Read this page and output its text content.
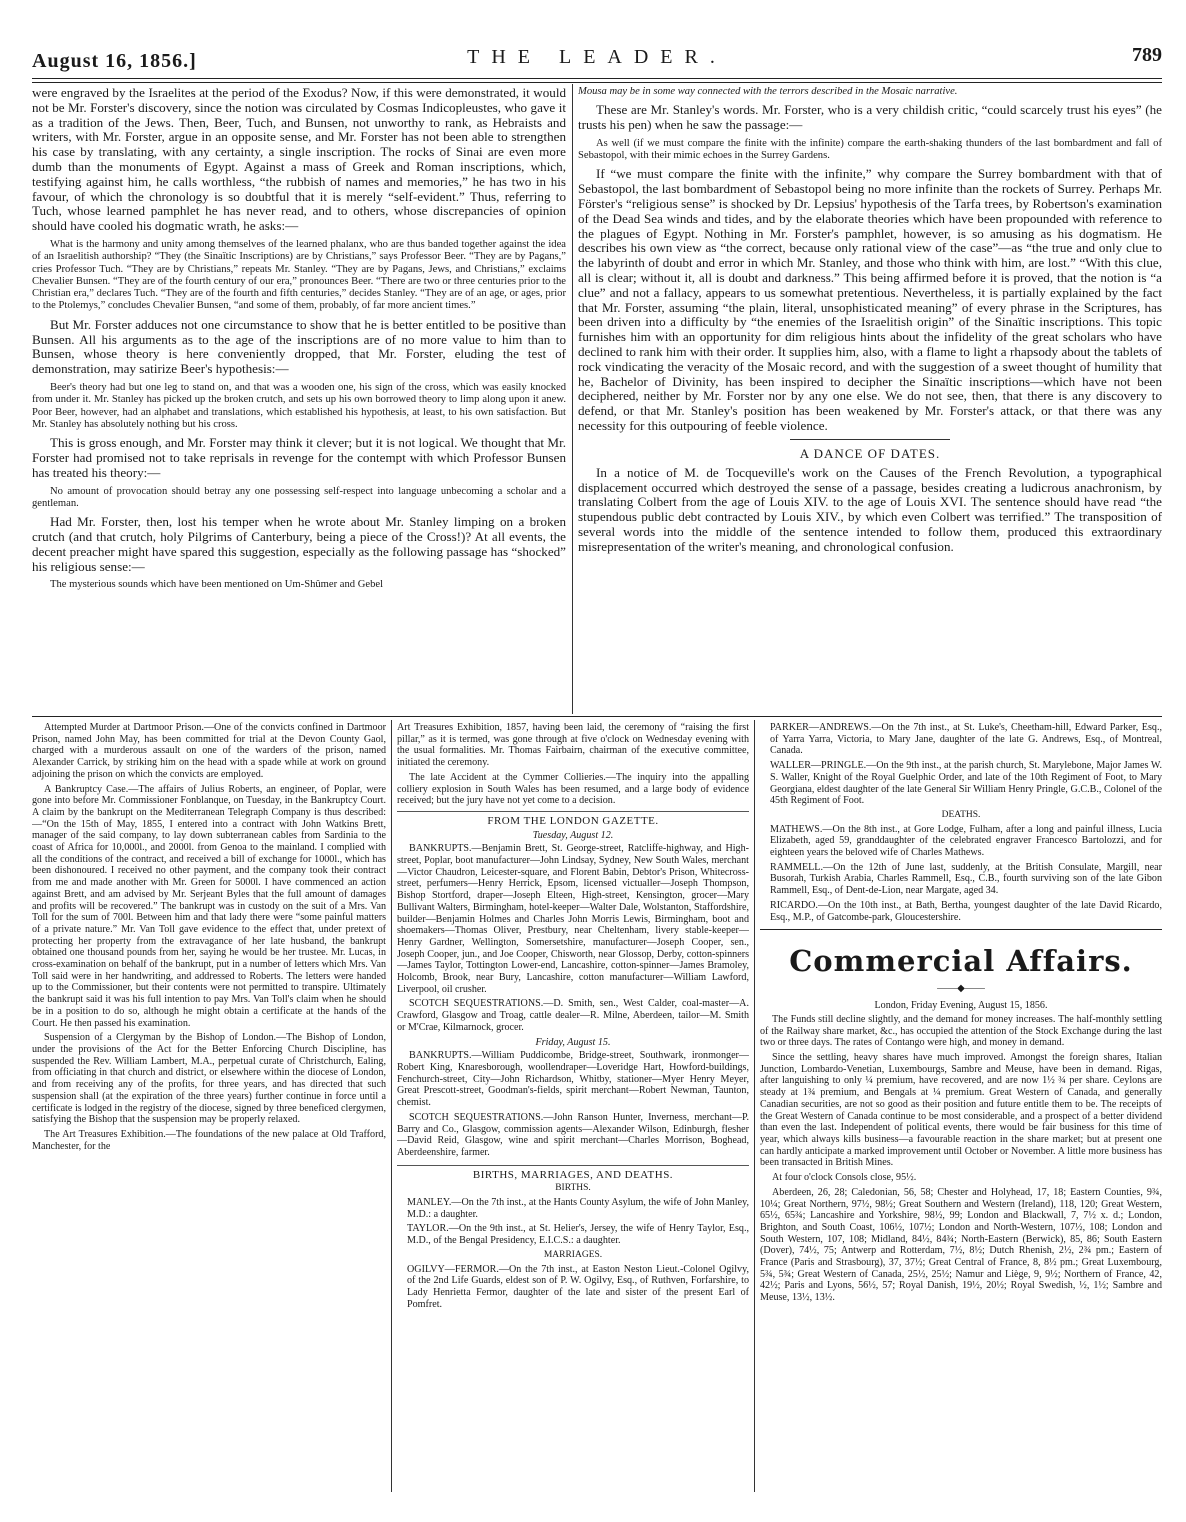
August 16, 1856.]	THE LEADER.	789

were engraved by the Israelites at the period of the Exodus? Now, if this were demonstrated, it would not be Mr. Forster's discovery, since the notion was circulated by Cosmas Indicopleustes, who gave it as a tradition of the Jews. Then, Beer, Tuch, and Bunsen, not unworthy to rank, as Hebraists and writers, with Mr. Forster, argue in an opposite sense, and Mr. Forster has not been able to strengthen his case by translating, with any certainty, a single inscription. The rocks of Sinai are even more dumb than the monuments of Egypt. Against a mass of Greek and Roman inscriptions, which, testifying against him, he calls worthless, “the rubbish of names and memories,” he has two in his favour, of which the chronology is so doubtful that it is merely “self-evident.” Thus, referring to Tuch, whose learned pamphlet he has never read, and to others, whose discrepancies of opinion should have cooled his dogmatic wrath, he asks:—

What is the harmony and unity among themselves of the learned phalanx, who are thus banded together against the idea of an Israelitish authorship? “They (the Sinaïtic Inscriptions) are by Christians,” says Professor Beer. “They are by Pagans,” cries Professor Tuch. “They are by Christians,” repeats Mr. Stanley. “They are by Pagans, Jews, and Christians,” exclaims Chevalier Bunsen. “They are of the fourth century of our era,” pronounces Beer. “There are two or three centuries prior to the Christian era,” declares Tuch. “They are of the fourth and fifth centuries,” decides Stanley. “They are of an age, or ages, prior to the Ptolemys,” concludes Chevalier Bunsen, “and some of them, probably, of far more ancient times.”

But Mr. Forster adduces not one circumstance to show that he is better entitled to be positive than Bunsen. All his arguments as to the age of the inscriptions are of no more value to him than to Bunsen, whose theory is here conveniently dropped, that Mr. Forster, eluding the test of demonstration, may satirize Beer's hypothesis:—

Beer's theory had but one leg to stand on, and that was a wooden one, his sign of the cross, which was easily knocked from under it. Mr. Stanley has picked up the broken crutch, and sets up his own borrowed theory to limp along upon it anew. Poor Beer, however, had an alphabet and translations, which established his hypothesis, at least, to his own satisfaction. But Mr. Stanley has absolutely nothing but his cross.

This is gross enough, and Mr. Forster may think it clever; but it is not logical. We thought that Mr. Forster had promised not to take reprisals in revenge for the contempt with which Professor Bunsen has treated his theory:—

No amount of provocation should betray any one possessing self-respect into language unbecoming a scholar and a gentleman.

Had Mr. Forster, then, lost his temper when he wrote about Mr. Stanley limping on a broken crutch (and that crutch, holy Pilgrims of Canterbury, being a piece of the Cross!)? At all events, the decent preacher might have spared this suggestion, especially as the following passage has “shocked” his religious sense:—

The mysterious sounds which have been mentioned on Um-Shûmer and Gebel

Mousa may be in some way connected with the terrors described in the Mosaic narrative.

These are Mr. Stanley's words. Mr. Forster, who is a very childish critic, “could scarcely trust his eyes” (he trusts his pen) when he saw the passage:—

As well (if we must compare the finite with the infinite) compare the earth-shaking thunders of the last bombardment and fall of Sebastopol, with their mimic echoes in the Surrey Gardens.

If “we must compare the finite with the infinite,” why compare the Surrey bombardment with that of Sebastopol, the last bombardment of Sebastopol being no more infinite than the rockets of Surrey. Perhaps Mr. Förster's “religious sense” is shocked by Dr. Lepsius' hypothesis of the Tarfa trees, by Robertson's examination of the Dead Sea winds and tides, and by the elaborate theories which have been propounded with reference to the plagues of Egypt. Nothing in Mr. Forster's pamphlet, however, is so amusing as his dogmatism. He describes his own view as “the correct, because only rational view of the case”—as “the true and only clue to the labyrinth of doubt and error in which Mr. Stanley, and those who think with him, are lost.” “With this clue, all is clear; without it, all is doubt and darkness.” This being affirmed before it is proved, that the notion is “a clue” and not a fallacy, appears to us somewhat pretentious. Nevertheless, it is partially explained by the fact that Mr. Forster, assuming “the plain, literal, unsophisticated meaning” of every phrase in the Scriptures, has been driven into a difficulty by “the enemies of the Israelitish origin” of the Sinaïtic inscriptions. This topic furnishes him with an opportunity for dim religious hints about the infidelity of the great scholars who have declined to rank him with their order. It supplies him, also, with a flame to light a rhapsody about the tablets of rock vindicating the veracity of the Mosaic record, and with the suggestion of a sweet thought of humility that he, Bachelor of Divinity, has been inspired to decipher the Sinaïtic inscriptions—which have not been deciphered, neither by Mr. Forster nor by any one else. We do not see, then, that there is any discovery to defend, or that Mr. Stanley's position has been weakened by Mr. Forster's attack, or that there was any necessity for this outpouring of feeble violence.

A DANCE OF DATES.

In a notice of M. de Tocqueville's work on the Causes of the French Revolution, a typographical displacement occurred which destroyed the sense of a passage, besides creating a ludicrous anachronism, by translating Colbert from the age of Louis XIV. to the age of Louis XVI. The sentence should have read “the stupendous public debt contracted by Louis XIV., by which even Colbert was terrified.” The transposition of several words into the middle of the sentence intended to follow them, produced this extraordinary misrepresentation of the writer's meaning, and chronological confusion.

Attempted Murder at Dartmoor Prison.—One of the convicts confined in Dartmoor Prison, named John May, has been committed for trial at the Devon County Gaol, charged with a murderous assault on one of the warders of the prison, named Alexander Carrick, by striking him on the head with a spade while at work on ground adjoining the prison on which the convicts are employed.

A Bankruptcy Case.—The affairs of Julius Roberts, an engineer, of Poplar, were gone into before Mr. Commissioner Fonblanque, on Tuesday, in the Bankruptcy Court. A claim by the bankrupt on the Mediterranean Telegraph Company is thus described:—“On the 15th of May, 1855, I entered into a contract with John Watkins Brett, manager of the said company, to lay down subterranean cables from Sardinia to the coast of Africa for 10,000l., and 2000l. from Genoa to the mainland. I complied with all the conditions of the contract, and received a bill of exchange for 1000l., which has been dishonoured. I received no other payment, and the company took their contract from me and made another with Mr. Green for 5000l. I have commenced an action against Brett, and am advised by Mr. Serjeant Byles that the full amount of damages and profits will be recovered.” The bankrupt was in custody on the suit of a Mrs. Van Toll for the sum of 700l. Between him and that lady there were “some painful matters of a private nature.” Mr. Van Toll gave evidence to the effect that, under pretext of protecting her property from the extravagance of her late husband, the bankrupt obtained one thousand pounds from her, saying he would be her trustee. Mr. Lucas, in cross-examination on behalf of the bankrupt, put in a number of letters which Mrs. Van Toll said were in her handwriting, and addressed to Roberts. The letters were handed up to the Commissioner, but their contents were not permitted to transpire. Ultimately the bankrupt said it was his full intention to pay Mrs. Van Toll's claim when he should be in a position to do so, although he might obtain a certificate at the hands of the Court. He then passed his examination.

Suspension of a Clergyman by the Bishop of London.—The Bishop of London, under the provisions of the Act for the Better Enforcing Church Discipline, has suspended the Rev. William Lambert, M.A., perpetual curate of Christchurch, Ealing, from officiating in that church and district, or elsewhere within the diocese of London, and from receiving any of the profits, for three years, and has directed that such suspension shall (at the expiration of the three years) further continue in force until a certificate is lodged in the registry of the diocese, signed by three beneficed clergymen, satisfying the Bishop that the suspension may be properly relaxed.

The Art Treasures Exhibition.—The foundations of the new palace at Old Trafford, Manchester, for the

Art Treasures Exhibition, 1857, having been laid, the ceremony of “raising the first pillar,” as it is termed, was gone through at five o'clock on Wednesday evening with the usual formalities. Mr. Thomas Fairbairn, chairman of the executive committee, initiated the ceremony.

The late Accident at the Cymmer Collieries.—The inquiry into the appalling colliery explosion in South Wales has been resumed, and a large body of evidence received; but the jury have not yet come to a decision.

FROM THE LONDON GAZETTE.

Tuesday, August 12.

BANKRUPTS.—Benjamin Brett, St. George-street, Ratcliffe-highway, and High-street, Poplar, boot manufacturer—John Lindsay, Sydney, New South Wales, merchant—Victor Chaudron, Leicester-square, and Florent Babin, Debtor's Prison, Whitecross-street, perfumers—Henry Herrick, Epsom, licensed victualler—Joseph Thompson, Bishop Stortford, draper—Joseph Elteen, High-street, Kensington, grocer—Mary Bullivant Walters, Birmingham, hotel-keeper—Walter Dale, Wolstanton, Staffordshire, builder—Benjamin Holmes and Charles John Morris Lewis, Birmingham, boot and shoemakers—Thomas Oliver, Prestbury, near Cheltenham, livery stable-keeper—Henry Gardner, Wellington, Somersetshire, manufacturer—Joseph Cooper, sen., Joseph Cooper, jun., and Joe Cooper, Chisworth, near Glossop, Derby, cotton-spinners—James Taylor, Tottington Lower-end, Lancashire, cotton-spinner—James Bramoley, Holcomb, Brook, near Bury, Lancashire, cotton manufacturer—William Lawford, Liverpool, oil crusher.

SCOTCH SEQUESTRATIONS.—D. Smith, sen., West Calder, coal-master—A. Crawford, Glasgow and Troag, cattle dealer—R. Milne, Aberdeen, tailor—M. Smith or M'Crae, Kilmarnock, grocer.

Friday, August 15.

BANKRUPTS.—William Puddicombe, Bridge-street, Southwark, ironmonger—Robert King, Knaresborough, woollendraper—Loveridge Hart, Howford-buildings, Fenchurch-street, City—John Richardson, Whitby, stationer—Myer Henry Meyer, Great Prescott-street, Goodman's-fields, spirit merchant—Robert Newman, Taunton, chemist.

SCOTCH SEQUESTRATIONS.—John Ranson Hunter, Inverness, merchant—P. Barry and Co., Glasgow, commission agents—Alexander Wilson, Edinburgh, flesher—David Reid, Glasgow, wine and spirit merchant—Charles Morrison, Boghead, Aberdeenshire, farmer.

BIRTHS, MARRIAGES, AND DEATHS.

BIRTHS.

MANLEY.—On the 7th inst., at the Hants County Asylum, the wife of John Manley, M.D.: a daughter.

TAYLOR.—On the 9th inst., at St. Helier's, Jersey, the wife of Henry Taylor, Esq., M.D., of the Bengal Presidency, E.I.C.S.: a daughter.

MARRIAGES.

OGILVY—FERMOR.—On the 7th inst., at Easton Neston Lieut.-Colonel Ogilvy, of the 2nd Life Guards, eldest son of P. W. Ogilvy, Esq., of Ruthven, Forfarshire, to Lady Henrietta Fermor, daughter of the late and sister of the present Earl of Pomfret.

PARKER—ANDREWS.—On the 7th inst., at St. Luke's, Cheetham-hill, Edward Parker, Esq., of Yarra Yarra, Victoria, to Mary Jane, daughter of the late G. Andrews, Esq., of Montreal, Canada.

WALLER—PRINGLE.—On the 9th inst., at the parish church, St. Marylebone, Major James W. S. Waller, Knight of the Royal Guelphic Order, and late of the 10th Regiment of Foot, to Mary Georgiana, eldest daughter of the late General Sir William Henry Pringle, G.C.B., Colonel of the 45th Regiment of Foot.

DEATHS.

MATHEWS.—On the 8th inst., at Gore Lodge, Fulham, after a long and painful illness, Lucia Elizabeth, aged 59, granddaughter of the celebrated engraver Francesco Bartolozzi, and for eighteen years the beloved wife of Charles Mathews.

RAMMELL.—On the 12th of June last, suddenly, at the British Consulate, Margill, near Busorah, Turkish Arabia, Charles Rammell, Esq., C.B., fourth surviving son of the late Gibon Rammell, Esq., of Dent-de-Lion, near Margate, aged 34.

RICARDO.—On the 10th inst., at Bath, Bertha, youngest daughter of the late David Ricardo, Esq., M.P., of Gatcombe-park, Gloucestershire.

Commercial Affairs.
——◆——

London, Friday Evening, August 15, 1856.

The Funds still decline slightly, and the demand for money increases. The half-monthly settling of the Railway share market, &c., has occupied the attention of the Stock Exchange during the last two or three days. The rates of Contango were high, and money in demand.

Since the settling, heavy shares have much improved. Amongst the foreign shares, Italian Junction, Lombardo-Venetian, Luxembourgs, Sambre and Meuse, have been in demand. Rigas, after languishing to only ¼ premium, have recovered, and are now 1½ ¾ per share. Ceylons are steady at 1¾ premium, and Bengals at ¼ premium. Great Western of Canada, and generally Canadian securities, are not so good as their position and future entitle them to be. The receipts of the Great Western of Canada continue to be most considerable, and a prospect of a better dividend than even the last. Independent of political events, there would be fair business for this time of year, which always kills business—a favourable reaction in the share market; but at present one can hardly anticipate a marked improvement until October or November. A little more business has been transacted in British Mines.

At four o'clock Consols close, 95½.

Aberdeen, 26, 28; Caledonian, 56, 58; Chester and Holyhead, 17, 18; Eastern Counties, 9¾, 10¼; Great Northern, 97½, 98½; Great Southern and Western (Ireland), 118, 120; Great Western, 65½, 65¾; Lancashire and Yorkshire, 98½, 99; London and Blackwall, 7, 7½ x. d.; London, Brighton, and South Coast, 106½, 107½; London and North-Western, 107½, 108; London and South Western, 107, 108; Midland, 84½, 84¾; North-Eastern (Berwick), 85, 86; South Eastern (Dover), 74½, 75; Antwerp and Rotterdam, 7½, 8½; Dutch Rhenish, 2½, 2¾ pm.; Eastern of France (Paris and Strasbourg), 37, 37½; Great Central of France, 8, 8½ pm.; Great Luxembourg, 5¾, 5¾; Great Western of Canada, 25½, 25½; Namur and Liège, 9, 9½; Northern of France, 42, 42½; Paris and Lyons, 56½, 57; Royal Danish, 19½, 20½; Royal Swedish, ½, 1½; Sambre and Meuse, 13½, 13½.
